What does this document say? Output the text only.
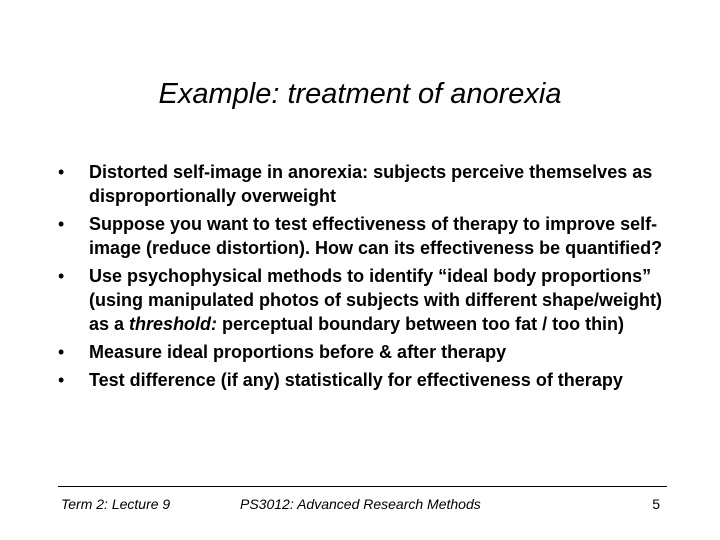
Example: treatment of anorexia
•	Distorted self-image in anorexia: subjects perceive themselves as disproportionally overweight
•	Suppose you want to test effectiveness of therapy to improve self-image (reduce distortion). How can its effectiveness be quantified?
•	Use psychophysical methods to identify “ideal body proportions” (using manipulated photos of subjects with different shape/weight) as a threshold: perceptual boundary between too fat / too thin)
•	Measure ideal proportions before & after therapy
•	Test difference (if any) statistically for effectiveness of therapy
Term 2: Lecture 9	PS3012: Advanced Research Methods	5
